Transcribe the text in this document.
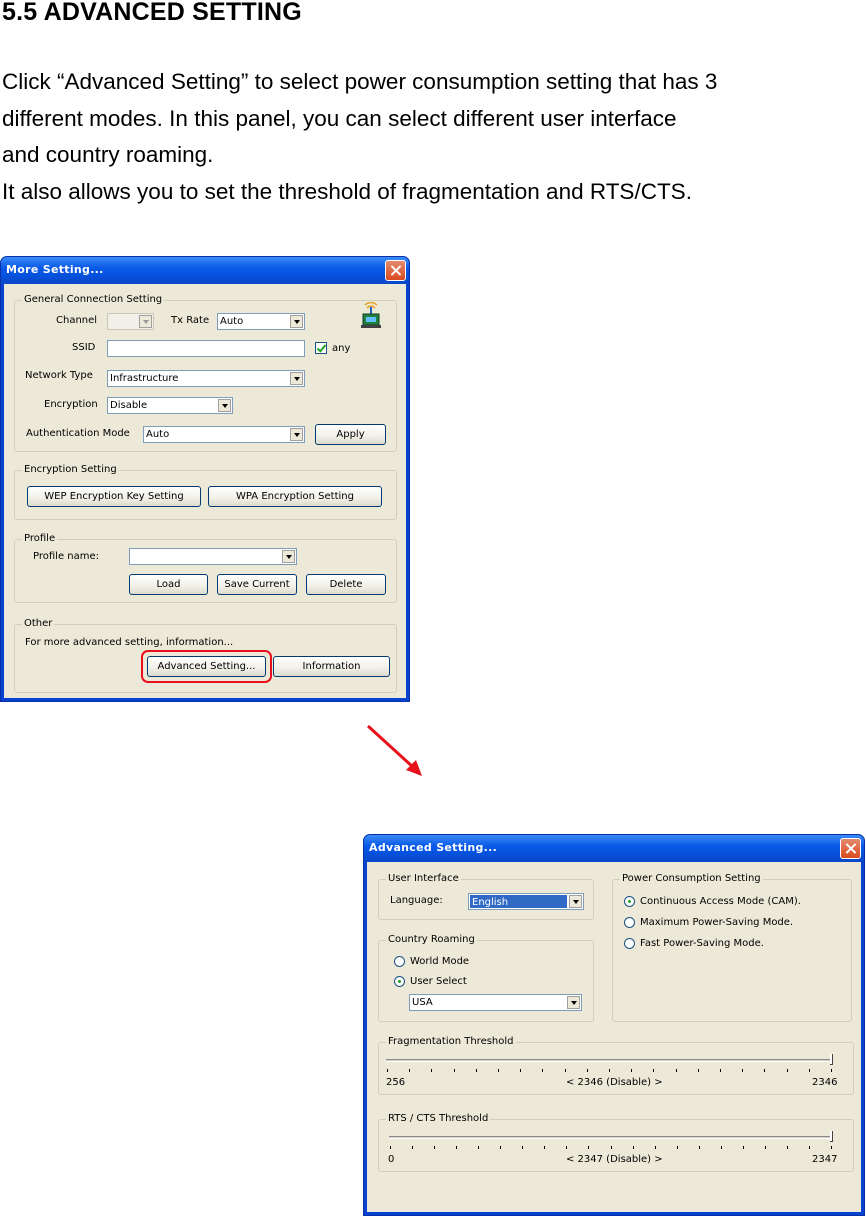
5.5 ADVANCED SETTING
Click “Advanced Setting” to select power consumption setting that has 3
different modes. In this panel, you can select different user interface
and country roaming.
It also allows you to set the threshold of fragmentation and RTS/CTS.
More Setting...
General Connection Setting
Channel	Tx Rate	Auto
SSID	any
Network Type	Infrastructure
Encryption	Disable
Authentication Mode	Auto	Apply
Encryption Setting
WEP Encryption Key Setting	WPA Encryption Setting
Profile
Profile name:
Load	Save Current	Delete
Other
For more advanced setting, information...
Advanced Setting...	Information
Advanced Setting...
User Interface
Language:	English
Country Roaming
World Mode
User Select
USA
Power Consumption Setting
Continuous Access Mode (CAM).
Maximum Power-Saving Mode.
Fast Power-Saving Mode.
Fragmentation Threshold
256	< 2346 (Disable) >	2346
RTS / CTS Threshold
0	< 2347 (Disable) >	2347
